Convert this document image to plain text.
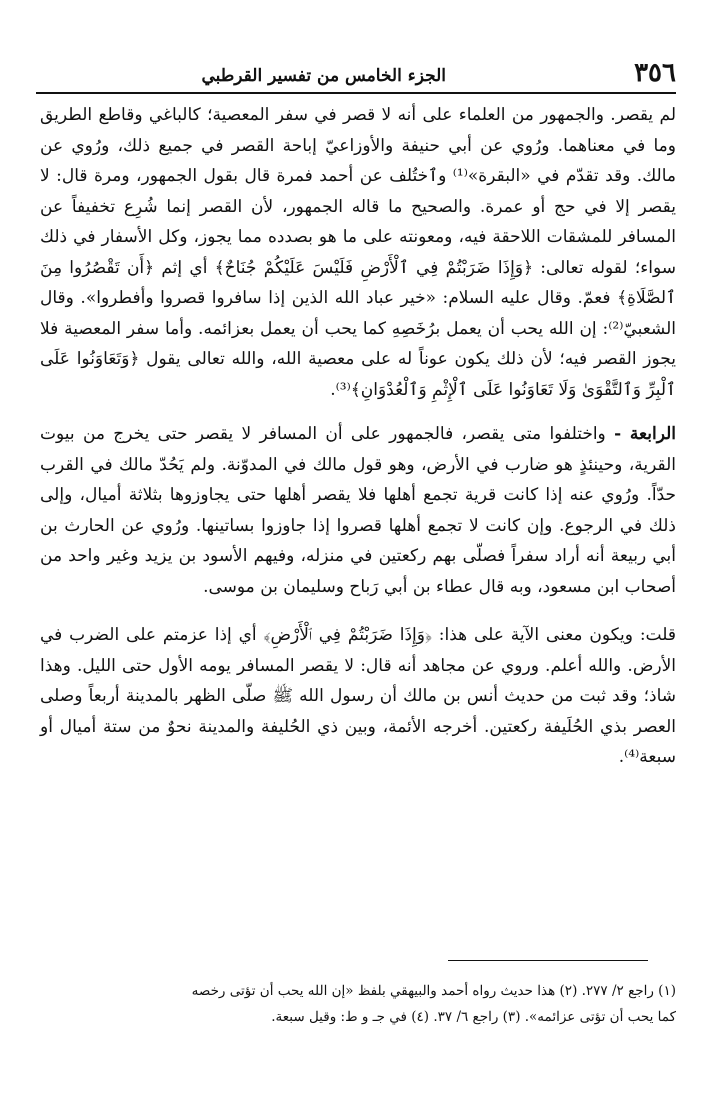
٣٥٦
الجزء الخامس من تفسير القرطبي

لم يقصر. والجمهور من العلماء على أنه لا قصر في سفر المعصية؛ كالباغي وقاطع الطريق وما في معناهما. ورُوي عن أبي حنيفة والأوزاعيّ إباحة القصر في جميع ذلك، ورُوي عن مالك. وقد تقدّم في «البقرة»⁽¹⁾ وٱختُلف عن أحمد فمرة قال بقول الجمهور، ومرة قال: لا يقصر إلا في حج أو عمرة. والصحيح ما قاله الجمهور، لأن القصر إنما شُرِع تخفيفاً عن المسافر للمشقات اللاحقة فيه، ومعونته على ما هو بصدده مما يجوز، وكل الأسفار في ذلك سواء؛ لقوله تعالى: ﴿وَإِذَا ضَرَبْتُمْ فِي ٱلْأَرْضِ فَلَيْسَ عَلَيْكُمْ جُنَاحٌ﴾ أي إثم ﴿أَن تَقْصُرُوا مِنَ ٱلصَّلَاةِ﴾ فعمّ. وقال عليه السلام: «خير عباد الله الذين إذا سافروا قصروا وأفطروا». وقال الشعبيّ⁽²⁾: إن الله يحب أن يعمل برُخَصِهِ كما يحب أن يعمل بعزائمه. وأما سفر المعصية فلا يجوز القصر فيه؛ لأن ذلك يكون عوناً له على معصية الله، والله تعالى يقول ﴿وَتَعَاوَنُوا عَلَى ٱلْبِرِّ وَٱلتَّقْوَىٰ وَلَا تَعَاوَنُوا عَلَى ٱلْإِثْمِ وَٱلْعُدْوَانِ﴾⁽³⁾.

الرابعة - واختلفوا متى يقصر، فالجمهور على أن المسافر لا يقصر حتى يخرج من بيوت القرية، وحينئذٍ هو ضارب في الأرض، وهو قول مالك في المدوّنة. ولم يَحُدّ مالك في القرب حدّاً. ورُوي عنه إذا كانت قرية تجمع أهلها فلا يقصر أهلها حتى يجاوزوها بثلاثة أميال، وإلى ذلك في الرجوع. وإن كانت لا تجمع أهلها قصروا إذا جاوزوا بساتينها. ورُوي عن الحارث بن أبي ربيعة أنه أراد سفراً فصلّى بهم ركعتين في منزله، وفيهم الأسود بن يزيد وغير واحد من أصحاب ابن مسعود، وبه قال عطاء بن أبي رَباح وسليمان بن موسى.

قلت: ويكون معنى الآية على هذا: ﴿وَإِذَا ضَرَبْتُمْ فِي ٱلْأَرْضِ﴾ أي إذا عزمتم على الضرب في الأرض. والله أعلم. وروي عن مجاهد أنه قال: لا يقصر المسافر يومه الأول حتى الليل. وهذا شاذ؛ وقد ثبت من حديث أنس بن مالك أن رسول الله ﷺ صلّى الظهر بالمدينة أربعاً وصلى العصر بذي الحُلَيفة ركعتين. أخرجه الأئمة، وبين ذي الحُليفة والمدينة نحوٌ من ستة أميال أو سبعة⁽⁴⁾.

(١) راجع ٢/ ٢٧٧. (٢) هذا حديث رواه أحمد والبيهقي بلفظ «إن الله يحب أن تؤتى رخصه
كما يحب أن تؤتى عزائمه». (٣) راجع ٦/ ٣٧. (٤) في جـ و ط: وقيل سبعة.
